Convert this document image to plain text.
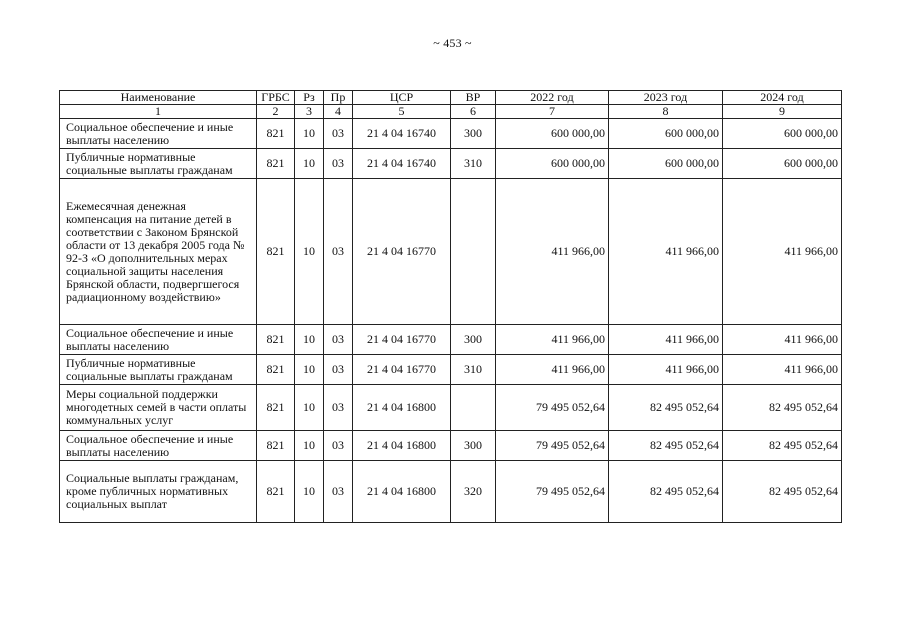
~ 453 ~
Наименование	ГРБС	Рз	Пр	ЦСР	ВР	2022 год	2023 год	2024 год
1	2	3	4	5	6	7	8	9
Социальное обеспечение и иные выплаты населению	821	10	03	21 4 04 16740	300	600 000,00	600 000,00	600 000,00
Публичные нормативные социальные выплаты гражданам	821	10	03	21 4 04 16740	310	600 000,00	600 000,00	600 000,00
Ежемесячная денежная компенсация на питание детей в соответствии с Законом Брянской области от 13 декабря 2005 года № 92-З «О дополнительных мерах социальной защиты населения Брянской области, подвергшегося радиационному воздействию»	821	10	03	21 4 04 16770		411 966,00	411 966,00	411 966,00
Социальное обеспечение и иные выплаты населению	821	10	03	21 4 04 16770	300	411 966,00	411 966,00	411 966,00
Публичные нормативные социальные выплаты гражданам	821	10	03	21 4 04 16770	310	411 966,00	411 966,00	411 966,00
Меры социальной поддержки многодетных семей в части оплаты коммунальных услуг	821	10	03	21 4 04 16800		79 495 052,64	82 495 052,64	82 495 052,64
Социальное обеспечение и иные выплаты населению	821	10	03	21 4 04 16800	300	79 495 052,64	82 495 052,64	82 495 052,64
Социальные выплаты гражданам, кроме публичных нормативных социальных выплат	821	10	03	21 4 04 16800	320	79 495 052,64	82 495 052,64	82 495 052,64
